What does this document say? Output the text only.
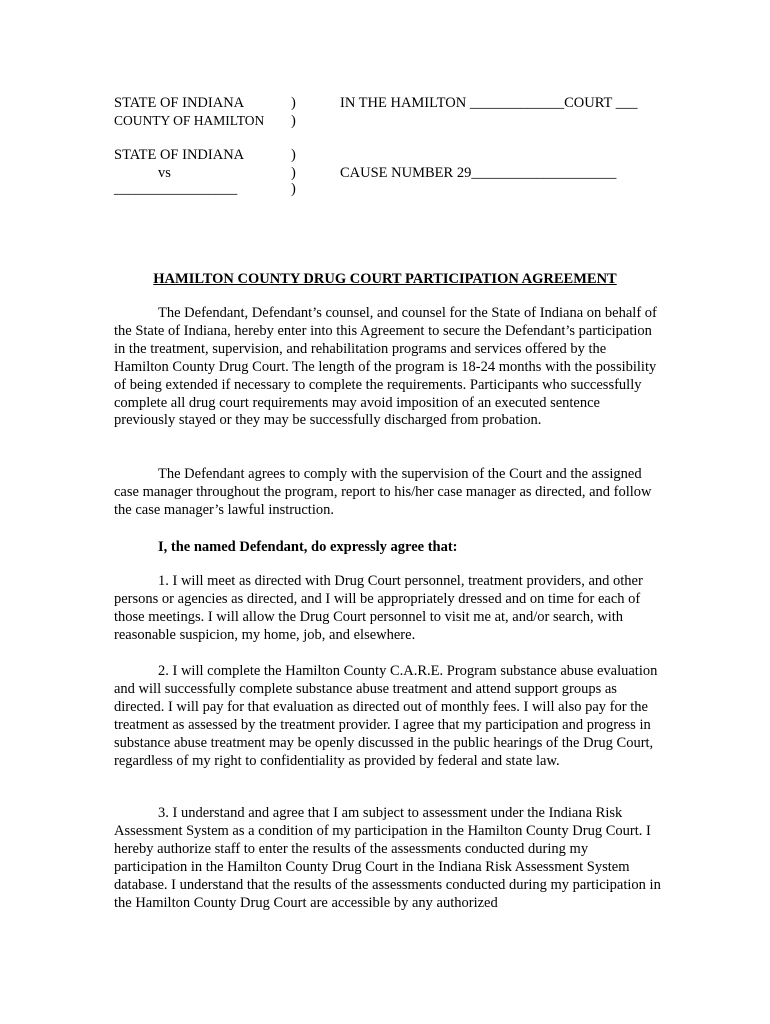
STATE OF INDIANA	)	IN THE HAMILTON _____________COURT ___
COUNTY OF HAMILTON )
STATE OF INDIANA	)
vs	)	CAUSE NUMBER 29____________________
_________________	)
HAMILTON COUNTY DRUG COURT PARTICIPATION AGREEMENT
The Defendant, Defendant’s counsel, and counsel for the State of Indiana on behalf of the State of Indiana, hereby enter into this Agreement to secure the Defendant’s participation in the treatment, supervision, and rehabilitation programs and services offered by the Hamilton County Drug Court. The length of the program is 18-24 months with the possibility of being extended if necessary to complete the requirements. Participants who successfully complete all drug court requirements may avoid imposition of an executed sentence previously stayed or they may be successfully discharged from probation.
The Defendant agrees to comply with the supervision of the Court and the assigned case manager throughout the program, report to his/her case manager as directed, and follow the case manager’s lawful instruction.
I, the named Defendant, do expressly agree that:
1. I will meet as directed with Drug Court personnel, treatment providers, and other persons or agencies as directed, and I will be appropriately dressed and on time for each of those meetings. I will allow the Drug Court personnel to visit me at, and/or search, with reasonable suspicion, my home, job, and elsewhere.
2. I will complete the Hamilton County C.A.R.E. Program substance abuse evaluation and will successfully complete substance abuse treatment and attend support groups as directed. I will pay for that evaluation as directed out of monthly fees. I will also pay for the treatment as assessed by the treatment provider. I agree that my participation and progress in substance abuse treatment may be openly discussed in the public hearings of the Drug Court, regardless of my right to confidentiality as provided by federal and state law.
3. I understand and agree that I am subject to assessment under the Indiana Risk Assessment System as a condition of my participation in the Hamilton County Drug Court. I hereby authorize staff to enter the results of the assessments conducted during my participation in the Hamilton County Drug Court in the Indiana Risk Assessment System database. I understand that the results of the assessments conducted during my participation in the Hamilton County Drug Court are accessible by any authorized
